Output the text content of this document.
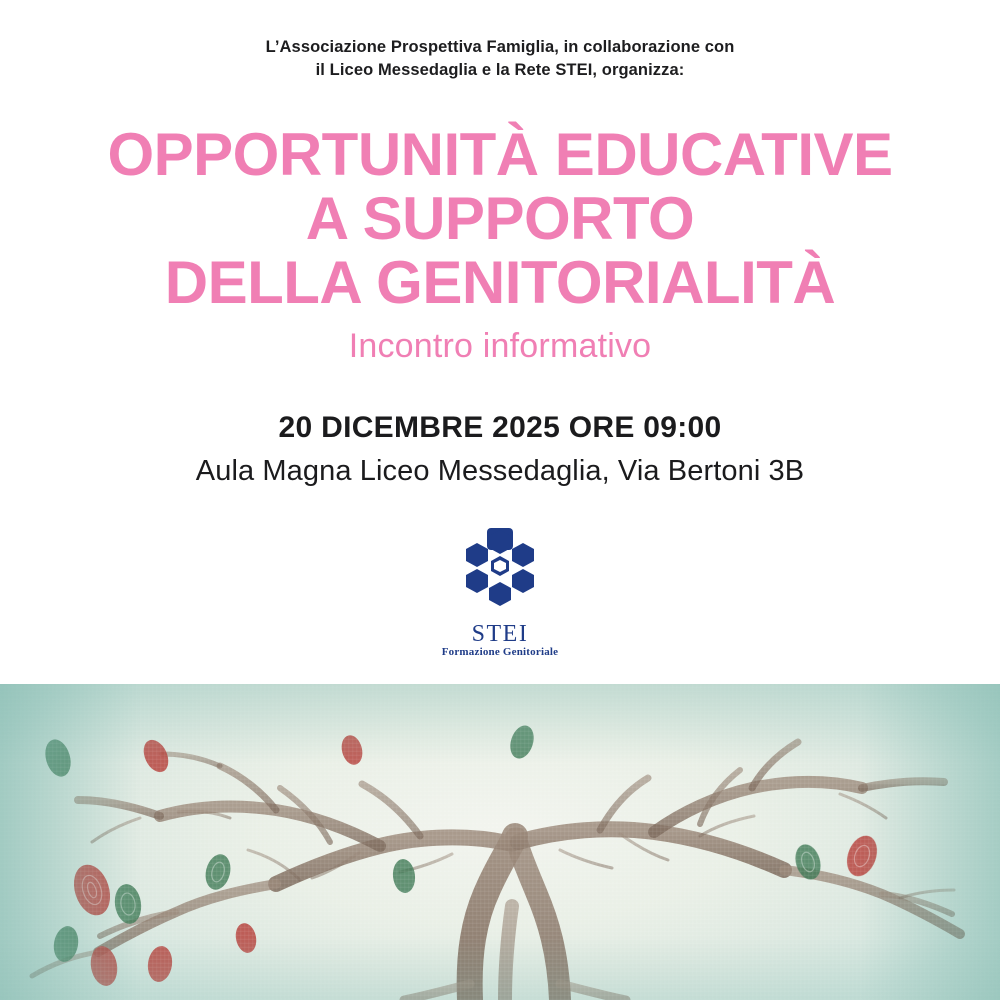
L’Associazione Prospettiva Famiglia, in collaborazione con
il Liceo Messedaglia e la Rete STEI, organizza:
OPPORTUNITÀ EDUCATIVE
A SUPPORTO
DELLA GENITORIALITÀ
Incontro informativo
20 DICEMBRE 2025 ORE 09:00
Aula Magna Liceo Messedaglia, Via Bertoni 3B
STEI
Formazione Genitoriale
